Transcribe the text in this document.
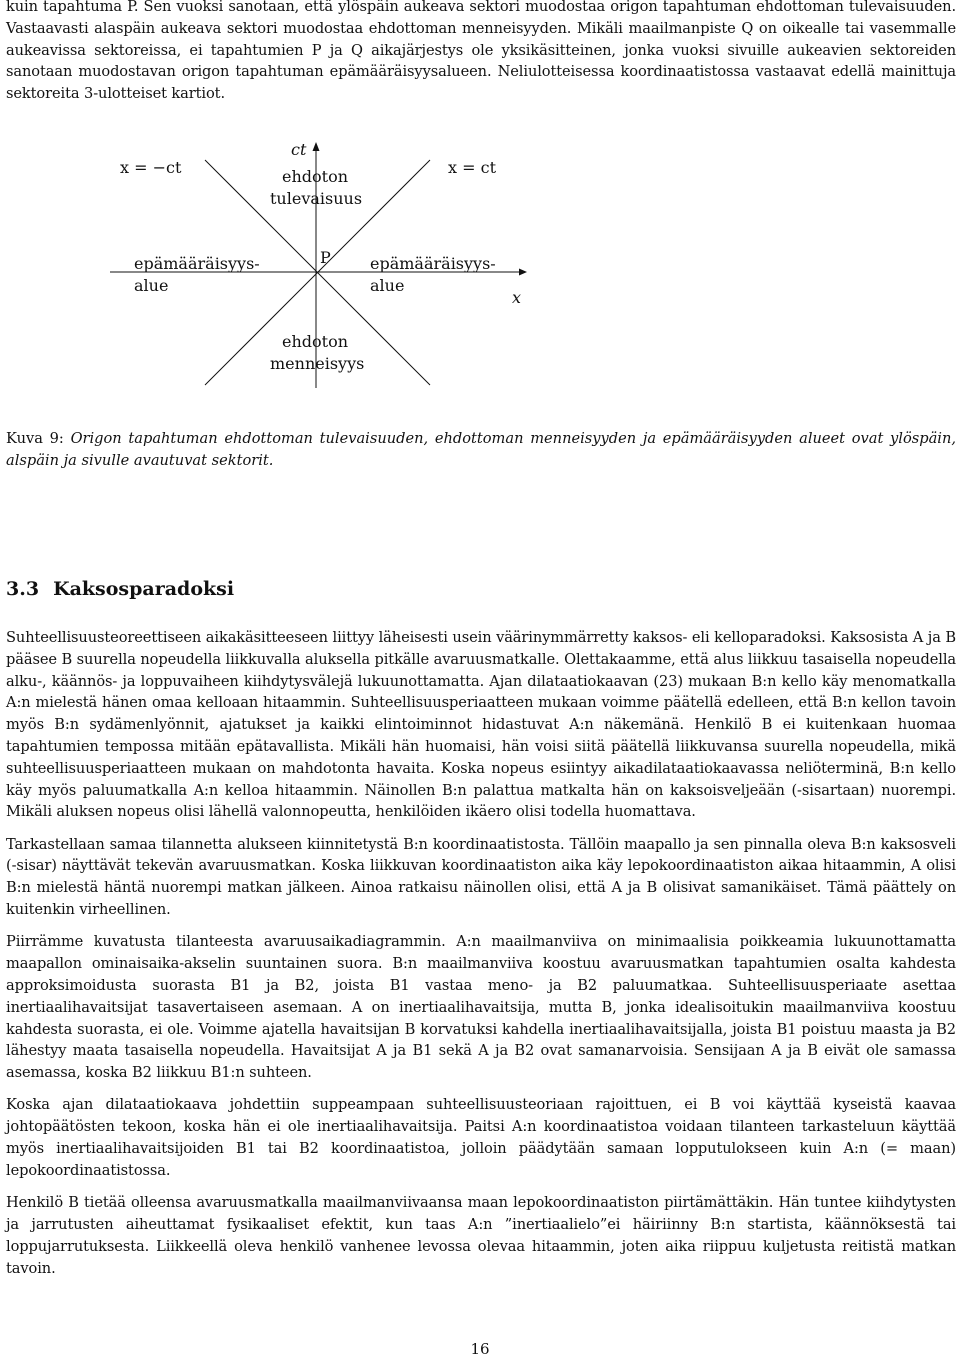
kuin tapahtuma P. Sen vuoksi sanotaan, että ylöspäin aukeava sektori muodostaa origon tapahtuman ehdottoman tulevaisuuden. Vastaavasti alaspäin aukeava sektori muodostaa ehdottoman menneisyyden. Mikäli maailmanpiste Q on oikealle tai vasemmalle aukeavissa sektoreissa, ei tapahtumien P ja Q aikajärjestys ole yksikäsitteinen, jonka vuoksi sivuille aukeavien sektoreiden sanotaan muodostavan origon tapahtuman epämääräisyysalueen. Neliulotteisessa koordinaatistossa vastaavat edellä mainittuja sektoreita 3-ulotteiset kartiot.

x = −ct	x = ct
ct
ehdoton
tulevaisuus
epämääräisyys-
alue
P epämääräisyys-
alue
x
ehdoton
menneisyys
Kuva 9: Origon tapahtuman ehdottoman tulevaisuuden, ehdottoman menneisyyden ja epämääräisyyden alueet ovat ylöspäin, alspäin ja sivulle avautuvat sektorit.
3.3 Kaksosparadoksi

Suhteellisuusteoreettiseen aikakäsitteeseen liittyy läheisesti usein väärinymmärretty kaksos- eli kelloparadoksi. Kaksosista A ja B pääsee B suurella nopeudella liikkuvalla aluksella pitkälle avaruusmatkalle. Olettakaamme, että alus liikkuu tasaisella nopeudella alku-, käännös- ja loppuvaiheen kiihdytysvälejä lukuunottamatta. Ajan dilataatiokaavan (23) mukaan B:n kello käy menomatkalla A:n mielestä hänen omaa kelloaan hitaammin. Suhteellisuusperiaatteen mukaan voimme päätellä edelleen, että B:n kellon tavoin myös B:n sydämenlyönnit, ajatukset ja kaikki elintoiminnot hidastuvat A:n näkemänä. Henkilö B ei kuitenkaan huomaa tapahtumien tempossa mitään epätavallista. Mikäli hän huomaisi, hän voisi siitä päätellä liikkuvansa suurella nopeudella, mikä suhteellisuusperiaatteen mukaan on mahdotonta havaita. Koska nopeus esiintyy aikadilataatiokaavassa neliöterminä, B:n kello käy myös paluumatkalla A:n kelloa hitaammin. Näinollen B:n palattua matkalta hän on kaksoisveljeään (-sisartaan) nuorempi. Mikäli aluksen nopeus olisi lähellä valonnopeutta, henkilöiden ikäero olisi todella huomattava.

Tarkastellaan samaa tilannetta alukseen kiinnitetystä B:n koordinaatistosta. Tällöin maapallo ja sen pinnalla oleva B:n kaksosveli (-sisar) näyttävät tekevän avaruusmatkan. Koska liikkuvan koordinaatiston aika käy lepokoordinaatiston aikaa hitaammin, A olisi B:n mielestä häntä nuorempi matkan jälkeen. Ainoa ratkaisu näinollen olisi, että A ja B olisivat samanikäiset. Tämä päättely on kuitenkin virheellinen.

Piirrämme kuvatusta tilanteesta avaruusaikadiagrammin. A:n maailmanviiva on minimaalisia poikkeamia lukuunottamatta maapallon ominaisaika-akselin suuntainen suora. B:n maailmanviiva koostuu avaruusmatkan tapahtumien osalta kahdesta approksimoidusta suorasta B1 ja B2, joista B1 vastaa meno- ja B2 paluumatkaa. Suhteellisuusperiaate asettaa inertiaalihavaitsijat tasavertaiseen asemaan. A on inertiaalihavaitsija, mutta B, jonka idealisoitukin maailmanviiva koostuu kahdesta suorasta, ei ole. Voimme ajatella havaitsijan B korvatuksi kahdella inertiaalihavaitsijalla, joista B1 poistuu maasta ja B2 lähestyy maata tasaisella nopeudella. Havaitsijat A ja B1 sekä A ja B2 ovat samanarvoisia. Sensijaan A ja B eivät ole samassa asemassa, koska B2 liikkuu B1:n suhteen.

Koska ajan dilataatiokaava johdettiin suppeampaan suhteellisuusteoriaan rajoittuen, ei B voi käyttää kyseistä kaavaa johtopäätösten tekoon, koska hän ei ole inertiaalihavaitsija. Paitsi A:n koordinaatistoa voidaan tilanteen tarkasteluun käyttää myös inertiaalihavaitsijoiden B1 tai B2 koordinaatistoa, jolloin päädytään samaan lopputulokseen kuin A:n (= maan) lepokoordinaatistossa.

Henkilö B tietää olleensa avaruusmatkalla maailmanviivaansa maan lepokoordinaatiston piirtämättäkin. Hän tuntee kiihdytysten ja jarrutusten aiheuttamat fysikaaliset efektit, kun taas A:n ”inertiaalielo”ei häiriinny B:n startista, käännöksestä tai loppujarrutuksesta. Liikkeellä oleva henkilö vanhenee levossa olevaa hitaammin, joten aika riippuu kuljetusta reitistä matkan tavoin.

16
